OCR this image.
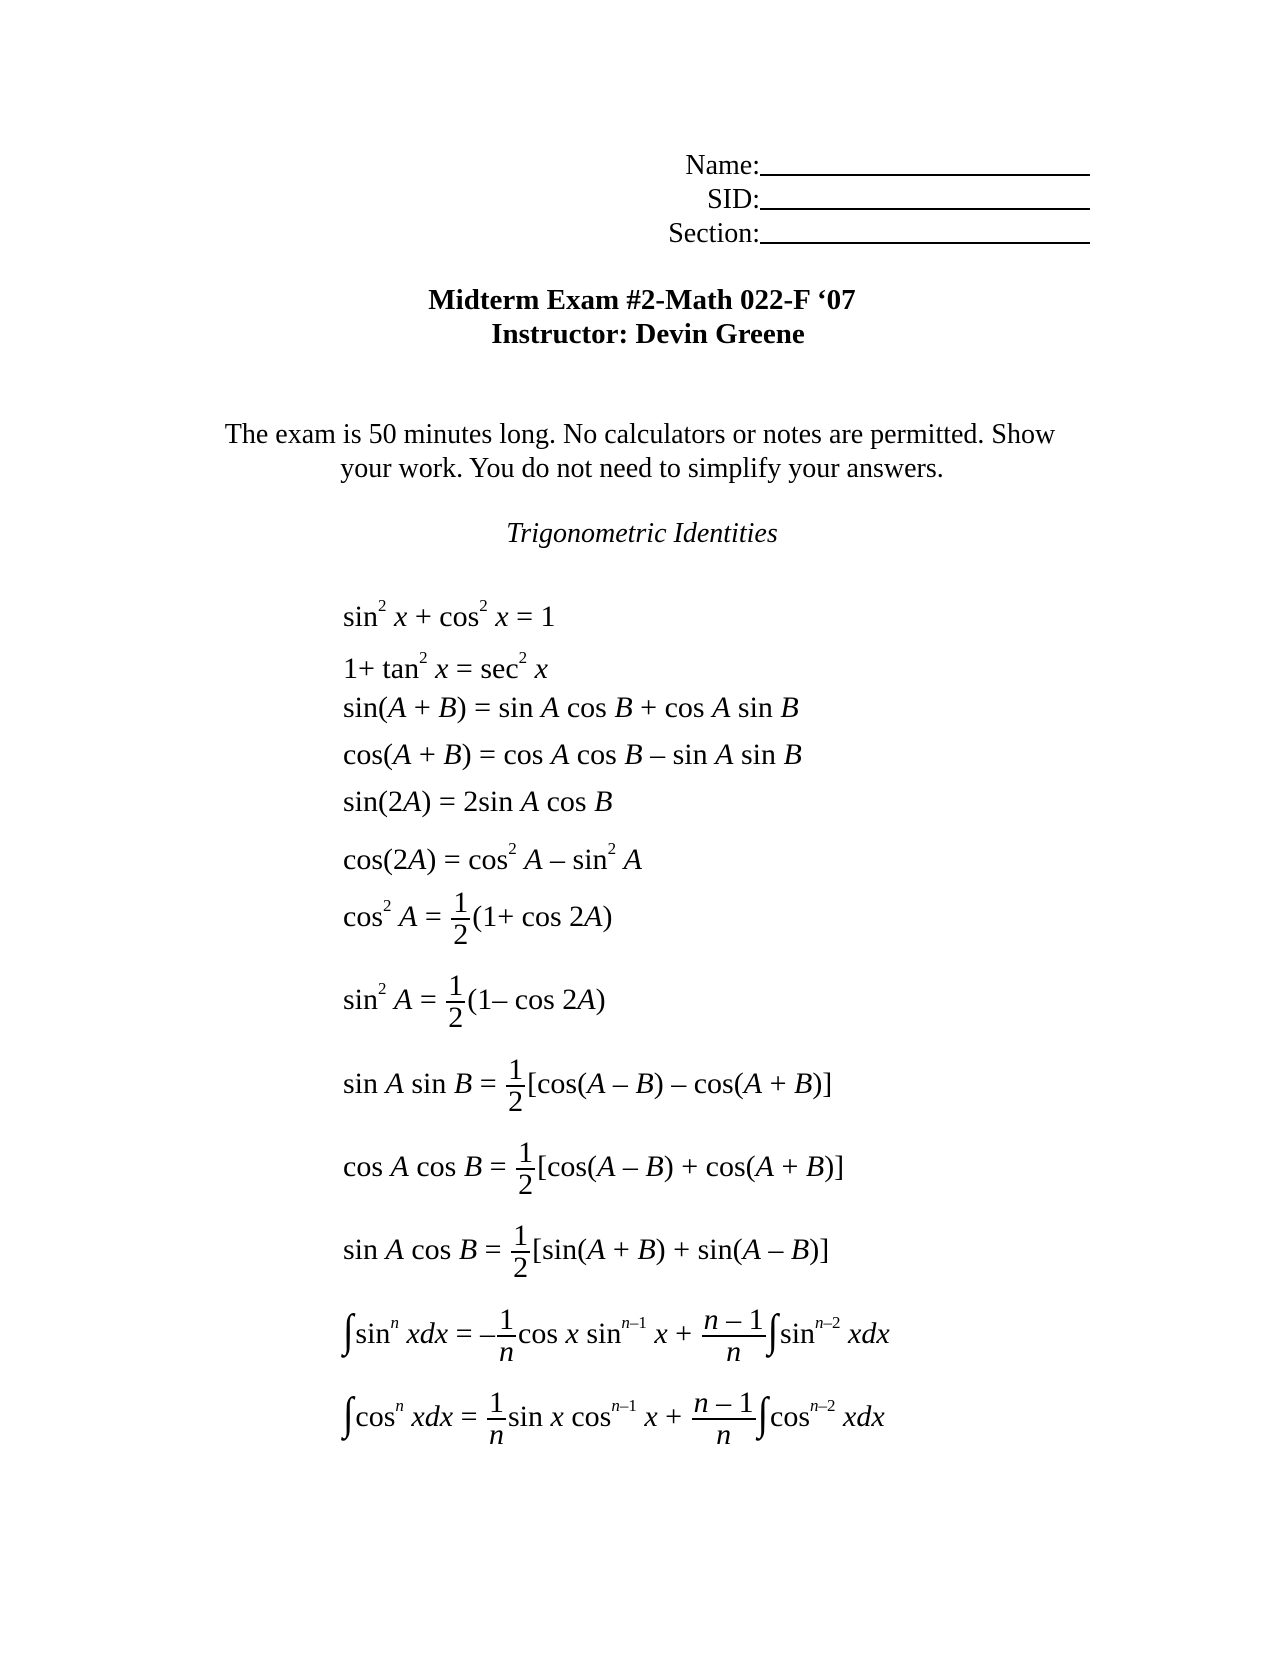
Name:
SID:
Section:
Midterm Exam #2-Math 022-F ‘07
Instructor: Devin Greene
The exam is 50 minutes long. No calculators or notes are permitted. Show
your work. You do not need to simplify your answers.
Trigonometric Identities
$\sin^2 x + \cos^2 x = 1$
$1+ \tan^2 x = \sec^2 x$
sin(A + B) = sin A cos B + cos A sin B
cos(A + B) = cos A cos B – sin A sin B
sin(2A) = 2sin A cos B
$\cos(2A) = \cos^2 A - \sin^2 A$
$\cos^2 A = \frac{1}{2} (1+ \cos 2A)$
$\sin^2 A = \frac{1}{2} (1-$ cos 2A)
sin A $\sin B = \frac{1}{2} [\cos(A - B) - \cos(A + B)]$
cos A $\cos B = \frac{1}{2} [\cos(A - B) + \cos(A + B)]$
sin A $\cos B = \frac{1}{2} [\sin(A + B) + \sin(A - B)]$
$\int\sin^n$ xdx = – $\frac{1}{n}$ cos x $\sin^{n-1} x + \frac{n - 1}{n} \int\sin^{n-2}$ xdx
$\int\cos^n$ xdx = $\frac{1}{n}$ sin x $\cos^{n-1} x + \frac{n - 1}{n} \int\cos^{n-2}$ xdx
